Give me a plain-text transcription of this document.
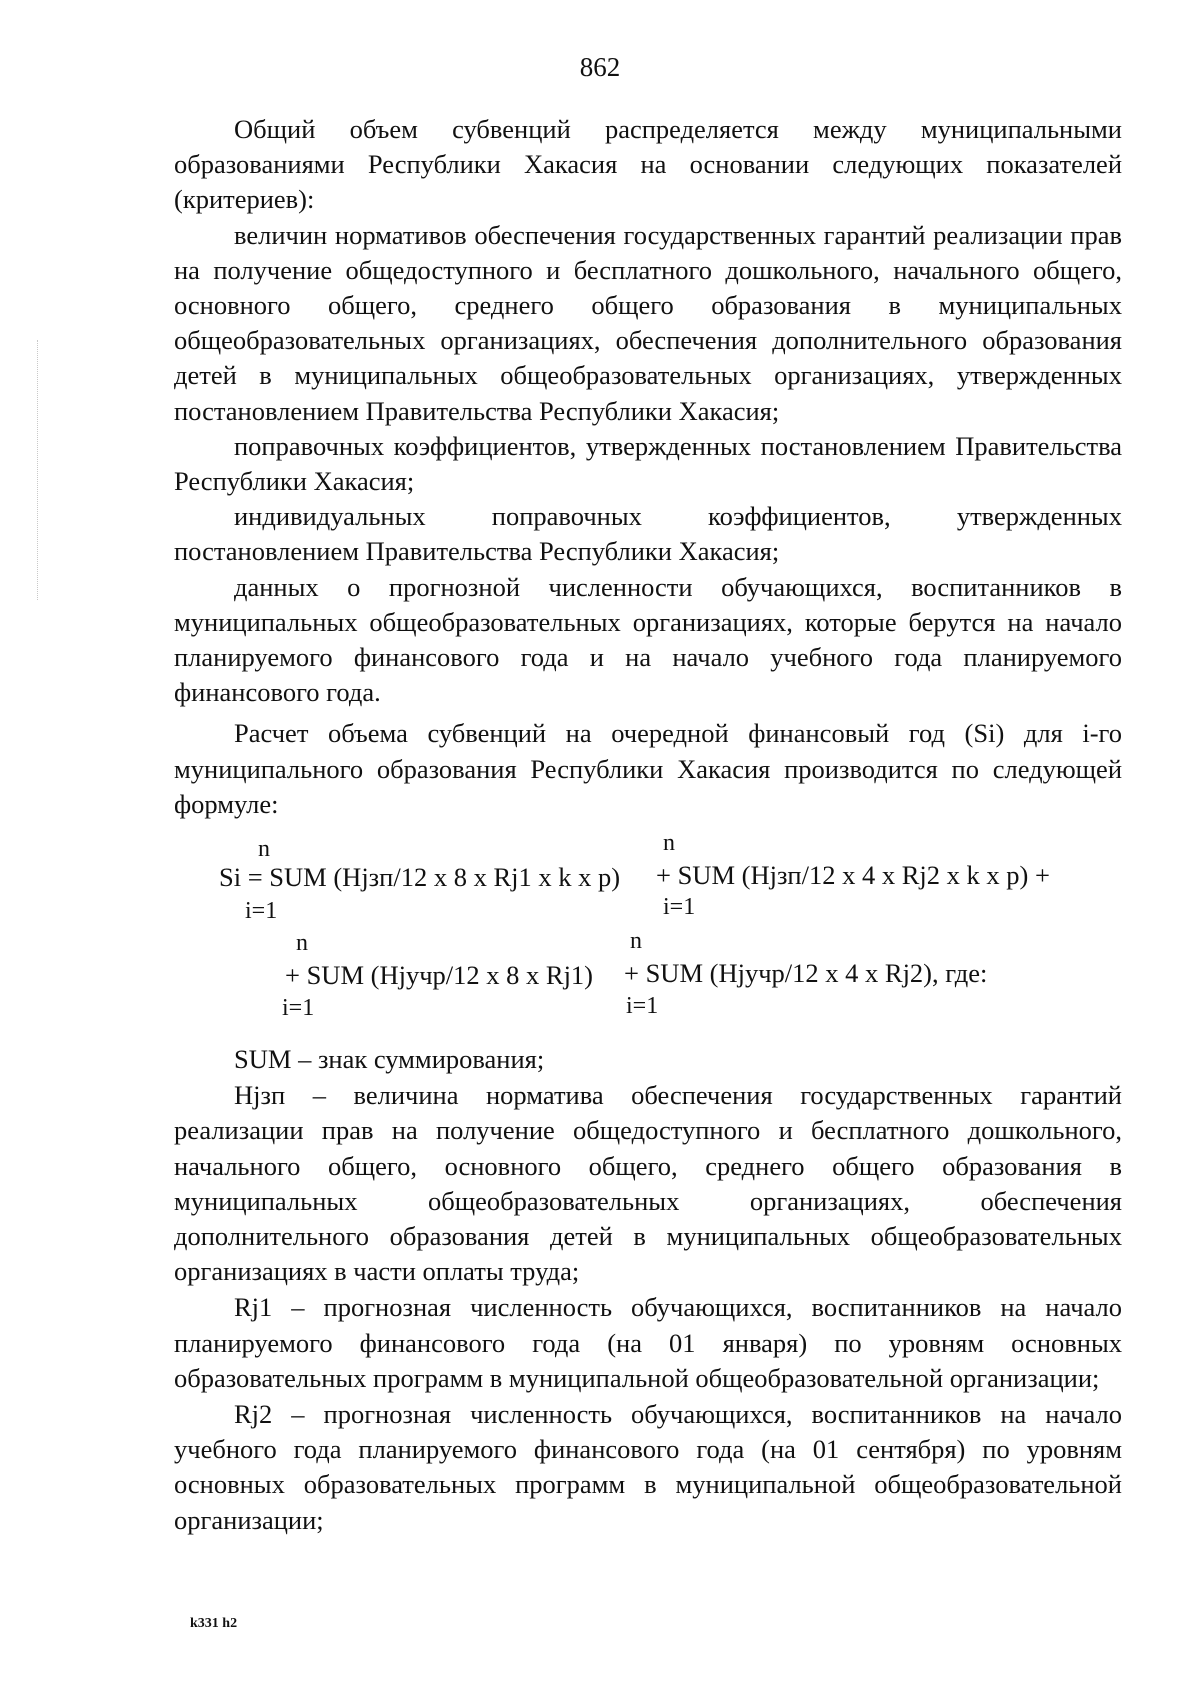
862

Общий объем субвенций распределяется между муниципальными образованиями Республики Хакасия на основании следующих показателей (критериев):

величин нормативов обеспечения государственных гарантий реализации прав на получение общедоступного и бесплатного дошкольного, начального общего, основного общего, среднего общего образования в муниципальных общеобразовательных организациях, обеспечения дополнительного образования детей в муниципальных общеобразовательных организациях, утвержденных постановлением Правительства Республики Хакасия;

поправочных коэффициентов, утвержденных постановлением Правительства Республики Хакасия;

индивидуальных поправочных коэффициентов, утвержденных постановлением Правительства Республики Хакасия;

данных о прогнозной численности обучающихся, воспитанников в муниципальных общеобразовательных организациях, которые берутся на начало планируемого финансового года и на начало учебного года планируемого финансового года.

Расчет объема субвенций на очередной финансовый год (Si) для i-го муниципального образования Республики Хакасия производится по следующей формуле:

n	n
Si = SUM (Hjзп/12 x 8 x Rj1 x k x p) + SUM (Hjзп/12 x 4 x Rj2 x k x p) +
i=1	i=1
n	n
+ SUM (Hjучр/12 x 8 x Rj1) + SUM (Hjучр/12 x 4 x Rj2), где:
i=1	i=1

SUM – знак суммирования;

Hjзп – величина норматива обеспечения государственных гарантий реализации прав на получение общедоступного и бесплатного дошкольного, начального общего, основного общего, среднего общего образования в муниципальных общеобразовательных организациях, обеспечения дополнительного образования детей в муниципальных общеобразовательных организациях в части оплаты труда;

Rj1 – прогнозная численность обучающихся, воспитанников на начало планируемого финансового года (на 01 января) по уровням основных образовательных программ в муниципальной общеобразовательной организации;

Rj2 – прогнозная численность обучающихся, воспитанников на начало учебного года планируемого финансового года (на 01 сентября) по уровням основных образовательных программ в муниципальной общеобразовательной организации;

k331 h2
